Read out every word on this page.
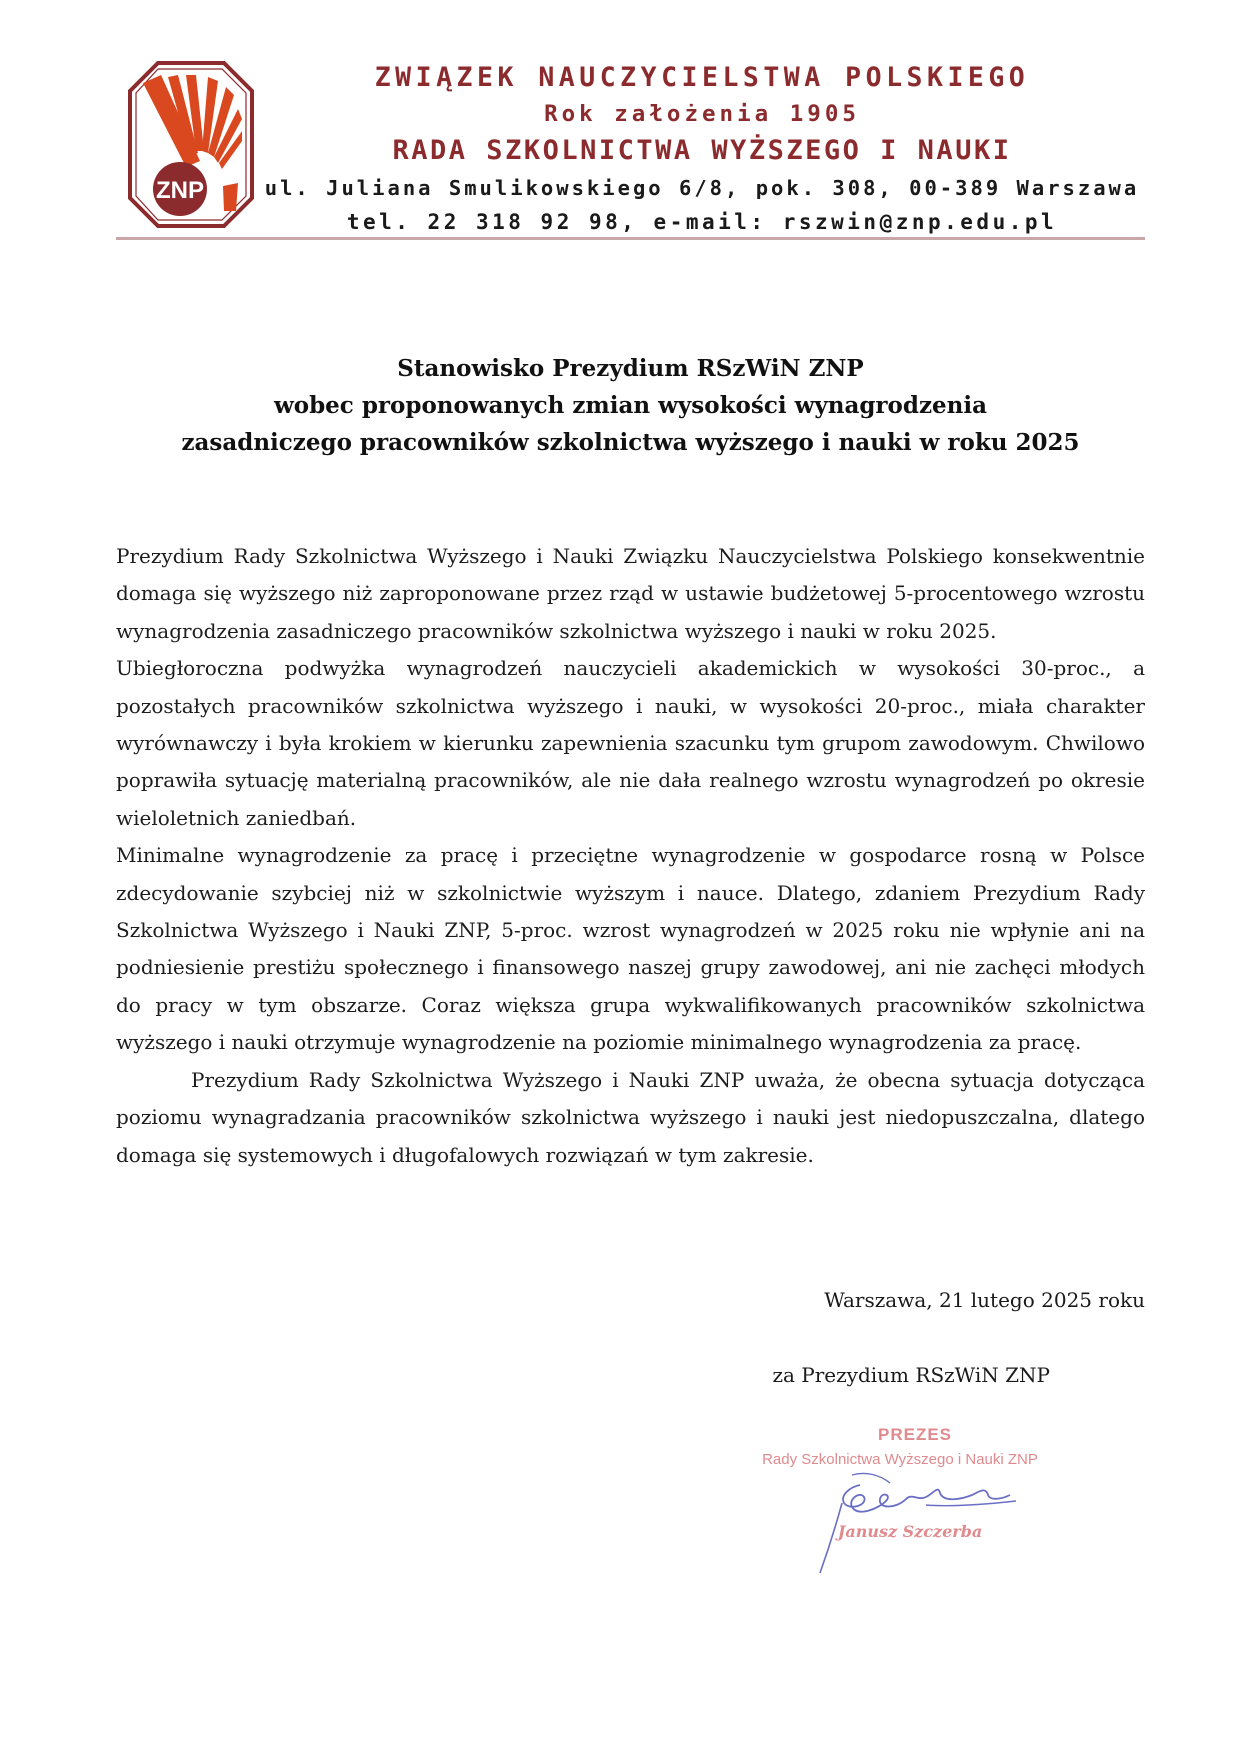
ZNP
ZWIĄZEK NAUCZYCIELSTWA POLSKIEGO
Rok założenia 1905
RADA SZKOLNICTWA WYŻSZEGO I NAUKI
ul. Juliana Smulikowskiego 6/8, pok. 308, 00-389 Warszawa
tel. 22 318 92 98, e-mail: rszwin@znp.edu.pl
Stanowisko Prezydium RSzWiN ZNP
wobec proponowanych zmian wysokości wynagrodzenia
zasadniczego pracowników szkolnictwa wyższego i nauki w roku 2025

Prezydium Rady Szkolnictwa Wyższego i Nauki Związku Nauczycielstwa Polskiego konsekwentnie domaga się wyższego niż zaproponowane przez rząd w ustawie budżetowej 5-procentowego wzrostu wynagrodzenia zasadniczego pracowników szkolnictwa wyższego i nauki w roku 2025.

Ubiegłoroczna podwyżka wynagrodzeń nauczycieli akademickich w wysokości 30-proc., a pozostałych pracowników szkolnictwa wyższego i nauki, w wysokości 20-proc., miała charakter wyrównawczy i była krokiem w kierunku zapewnienia szacunku tym grupom zawodowym. Chwilowo poprawiła sytuację materialną pracowników, ale nie dała realnego wzrostu wynagrodzeń po okresie wieloletnich zaniedbań.

Minimalne wynagrodzenie za pracę i przeciętne wynagrodzenie w gospodarce rosną w Polsce zdecydowanie szybciej niż w szkolnictwie wyższym i nauce. Dlatego, zdaniem Prezydium Rady Szkolnictwa Wyższego i Nauki ZNP, 5-proc. wzrost wynagrodzeń w 2025 roku nie wpłynie ani na podniesienie prestiżu społecznego i finansowego naszej grupy zawodowej, ani nie zachęci młodych do pracy w tym obszarze. Coraz większa grupa wykwalifikowanych pracowników szkolnictwa wyższego i nauki otrzymuje wynagrodzenie na poziomie minimalnego wynagrodzenia za pracę.

Prezydium Rady Szkolnictwa Wyższego i Nauki ZNP uważa, że obecna sytuacja dotycząca poziomu wynagradzania pracowników szkolnictwa wyższego i nauki jest niedopuszczalna, dlatego domaga się systemowych i długofalowych rozwiązań w tym zakresie.

Warszawa, 21 lutego 2025 roku
za Prezydium RSzWiN ZNP
PREZES
Rady Szkolnictwa Wyższego i Nauki ZNP
Janusz Szczerba
